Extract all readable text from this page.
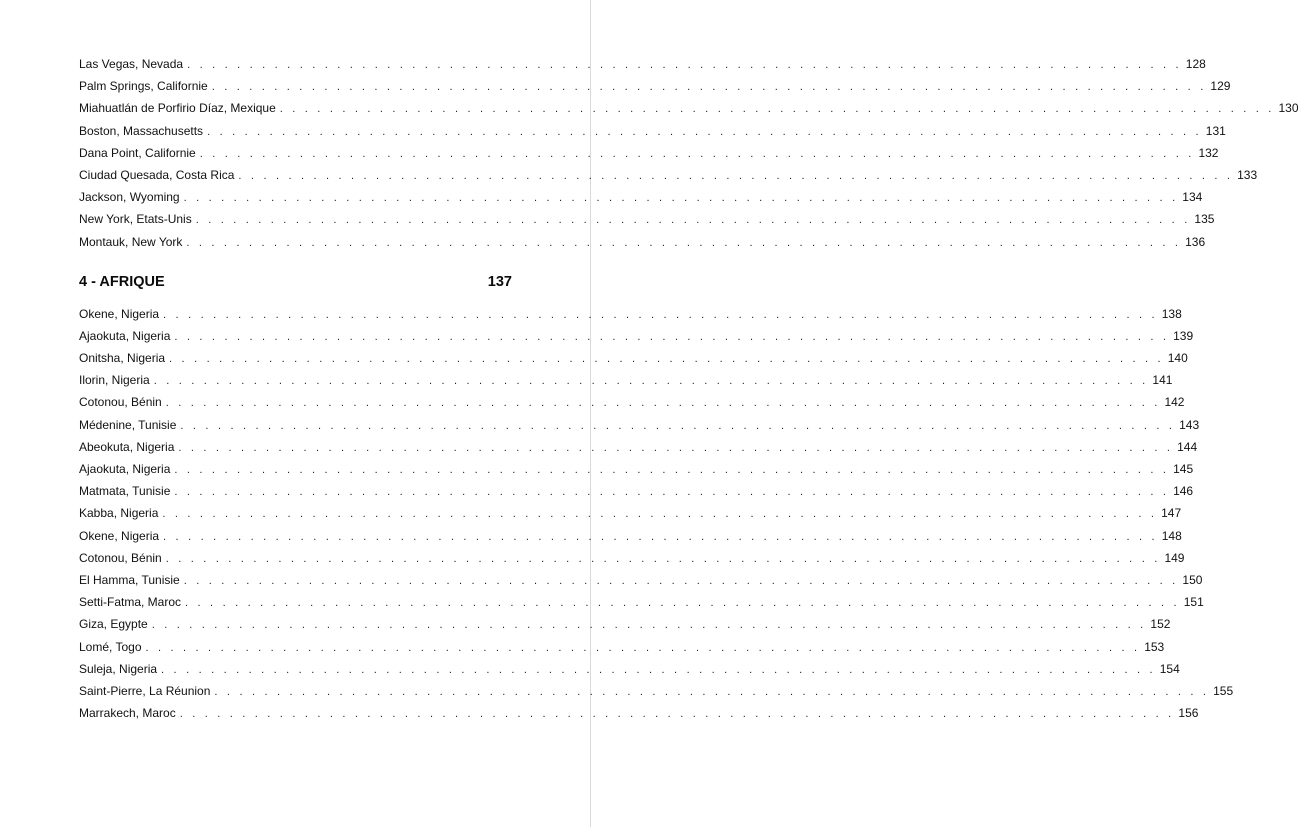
Las Vegas, Nevada . . . . . . . . . . . . . . . . . . . . . . . . . . . . . . . . . . . . . . . . . . . . . . . . . . . . . . . . . . . . . . . . . . . . . . . . . . . . . . . . 128
Palm Springs, Californie . . . . . . . . . . . . . . . . . . . . . . . . . . . . . . . . . . . . . . . . . . . . . . . . . . . . . . . . . . . . . . . . . . . . . . . . . . . . . . . . 129
Miahuatlán de Porfirio Díaz, Mexique . . . . . . . . . . . . . . . . . . . . . . . . . . . . . . . . . . . . . . . . . . . . . . . . . . . . . . . . . . . . . . . . . . . . . . . . . . . . . . . . 130
Boston, Massachusetts . . . . . . . . . . . . . . . . . . . . . . . . . . . . . . . . . . . . . . . . . . . . . . . . . . . . . . . . . . . . . . . . . . . . . . . . . . . . . . . . 131
Dana Point, Californie . . . . . . . . . . . . . . . . . . . . . . . . . . . . . . . . . . . . . . . . . . . . . . . . . . . . . . . . . . . . . . . . . . . . . . . . . . . . . . . . 132
Ciudad Quesada, Costa Rica . . . . . . . . . . . . . . . . . . . . . . . . . . . . . . . . . . . . . . . . . . . . . . . . . . . . . . . . . . . . . . . . . . . . . . . . . . . . . . . . 133
Jackson, Wyoming . . . . . . . . . . . . . . . . . . . . . . . . . . . . . . . . . . . . . . . . . . . . . . . . . . . . . . . . . . . . . . . . . . . . . . . . . . . . . . . . 134
New York, Etats-Unis . . . . . . . . . . . . . . . . . . . . . . . . . . . . . . . . . . . . . . . . . . . . . . . . . . . . . . . . . . . . . . . . . . . . . . . . . . . . . . . . 135
Montauk, New York . . . . . . . . . . . . . . . . . . . . . . . . . . . . . . . . . . . . . . . . . . . . . . . . . . . . . . . . . . . . . . . . . . . . . . . . . . . . . . . . 136
4 - AFRIQUE	137
Okene, Nigeria . . . . . . . . . . . . . . . . . . . . . . . . . . . . . . . . . . . . . . . . . . . . . . . . . . . . . . . . . . . . . . . . . . . . . . . . . . . . . . . . 138
Ajaokuta, Nigeria . . . . . . . . . . . . . . . . . . . . . . . . . . . . . . . . . . . . . . . . . . . . . . . . . . . . . . . . . . . . . . . . . . . . . . . . . . . . . . . . 139
Onitsha, Nigeria . . . . . . . . . . . . . . . . . . . . . . . . . . . . . . . . . . . . . . . . . . . . . . . . . . . . . . . . . . . . . . . . . . . . . . . . . . . . . . . . 140
Ilorin, Nigeria . . . . . . . . . . . . . . . . . . . . . . . . . . . . . . . . . . . . . . . . . . . . . . . . . . . . . . . . . . . . . . . . . . . . . . . . . . . . . . . . 141
Cotonou, Bénin . . . . . . . . . . . . . . . . . . . . . . . . . . . . . . . . . . . . . . . . . . . . . . . . . . . . . . . . . . . . . . . . . . . . . . . . . . . . . . . . 142
Médenine, Tunisie . . . . . . . . . . . . . . . . . . . . . . . . . . . . . . . . . . . . . . . . . . . . . . . . . . . . . . . . . . . . . . . . . . . . . . . . . . . . . . . . 143
Abeokuta, Nigeria . . . . . . . . . . . . . . . . . . . . . . . . . . . . . . . . . . . . . . . . . . . . . . . . . . . . . . . . . . . . . . . . . . . . . . . . . . . . . . . . 144
Ajaokuta, Nigeria . . . . . . . . . . . . . . . . . . . . . . . . . . . . . . . . . . . . . . . . . . . . . . . . . . . . . . . . . . . . . . . . . . . . . . . . . . . . . . . . 145
Matmata, Tunisie . . . . . . . . . . . . . . . . . . . . . . . . . . . . . . . . . . . . . . . . . . . . . . . . . . . . . . . . . . . . . . . . . . . . . . . . . . . . . . . . 146
Kabba, Nigeria . . . . . . . . . . . . . . . . . . . . . . . . . . . . . . . . . . . . . . . . . . . . . . . . . . . . . . . . . . . . . . . . . . . . . . . . . . . . . . . . 147
Okene, Nigeria . . . . . . . . . . . . . . . . . . . . . . . . . . . . . . . . . . . . . . . . . . . . . . . . . . . . . . . . . . . . . . . . . . . . . . . . . . . . . . . . 148
Cotonou, Bénin . . . . . . . . . . . . . . . . . . . . . . . . . . . . . . . . . . . . . . . . . . . . . . . . . . . . . . . . . . . . . . . . . . . . . . . . . . . . . . . . 149
El Hamma, Tunisie . . . . . . . . . . . . . . . . . . . . . . . . . . . . . . . . . . . . . . . . . . . . . . . . . . . . . . . . . . . . . . . . . . . . . . . . . . . . . . . . 150
Setti-Fatma, Maroc . . . . . . . . . . . . . . . . . . . . . . . . . . . . . . . . . . . . . . . . . . . . . . . . . . . . . . . . . . . . . . . . . . . . . . . . . . . . . . . . 151
Giza, Egypte . . . . . . . . . . . . . . . . . . . . . . . . . . . . . . . . . . . . . . . . . . . . . . . . . . . . . . . . . . . . . . . . . . . . . . . . . . . . . . . . 152
Lomé, Togo . . . . . . . . . . . . . . . . . . . . . . . . . . . . . . . . . . . . . . . . . . . . . . . . . . . . . . . . . . . . . . . . . . . . . . . . . . . . . . . . 153
Suleja, Nigeria . . . . . . . . . . . . . . . . . . . . . . . . . . . . . . . . . . . . . . . . . . . . . . . . . . . . . . . . . . . . . . . . . . . . . . . . . . . . . . . . 154
Saint-Pierre, La Réunion . . . . . . . . . . . . . . . . . . . . . . . . . . . . . . . . . . . . . . . . . . . . . . . . . . . . . . . . . . . . . . . . . . . . . . . . . . . . . . . . 155
Marrakech, Maroc . . . . . . . . . . . . . . . . . . . . . . . . . . . . . . . . . . . . . . . . . . . . . . . . . . . . . . . . . . . . . . . . . . . . . . . . . . . . . . . . 156
